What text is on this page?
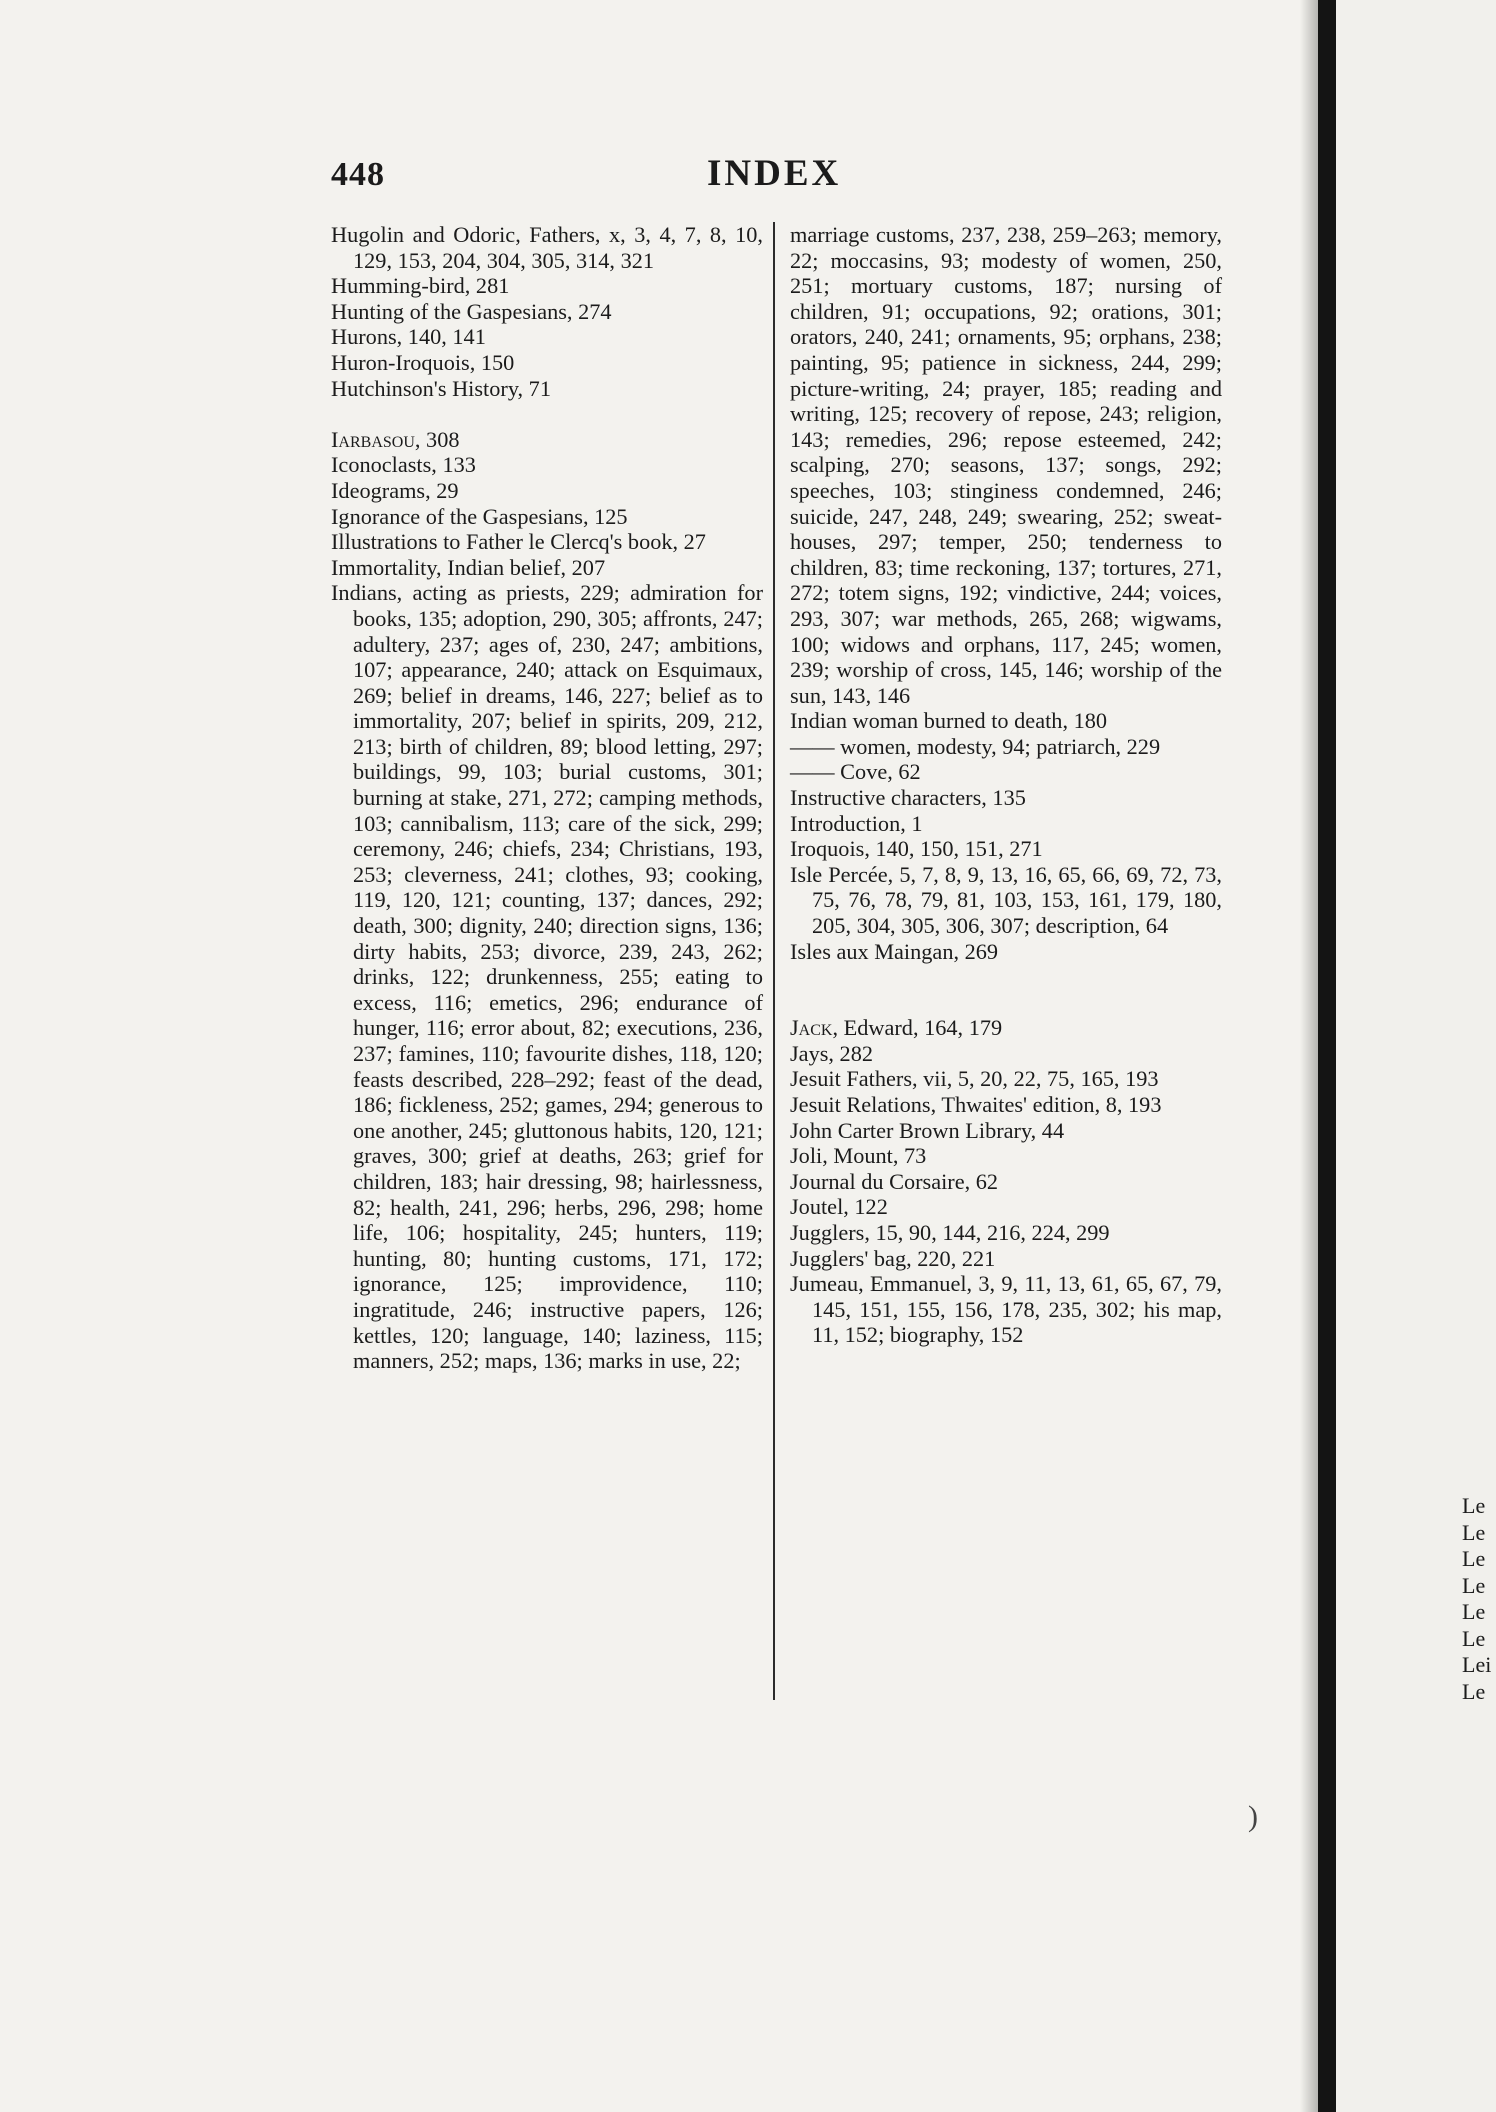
448	INDEX
Hugolin and Odoric, Fathers, x, 3, 4, 7, 8, 10, 129, 153, 204, 304, 305, 314, 321
Humming-bird, 281
Hunting of the Gaspesians, 274
Hurons, 140, 141
Huron-Iroquois, 150
Hutchinson's History, 71
Iarbasou, 308
Iconoclasts, 133
Ideograms, 29
Ignorance of the Gaspesians, 125
Illustrations to Father le Clercq's book, 27
Immortality, Indian belief, 207
Indians, acting as priests, 229; admiration for books, 135; adoption, 290, 305; affronts, 247; adultery, 237; ages of, 230, 247; ambitions, 107; appearance, 240; attack on Esquimaux, 269; belief in dreams, 146, 227; belief as to immortality, 207; belief in spirits, 209, 212, 213; birth of children, 89; blood letting, 297; buildings, 99, 103; burial customs, 301; burning at stake, 271, 272; camping methods, 103; cannibalism, 113; care of the sick, 299; ceremony, 246; chiefs, 234; Christians, 193, 253; cleverness, 241; clothes, 93; cooking, 119, 120, 121; counting, 137; dances, 292; death, 300; dignity, 240; direction signs, 136; dirty habits, 253; divorce, 239, 243, 262; drinks, 122; drunkenness, 255; eating to excess, 116; emetics, 296; endurance of hunger, 116; error about, 82; executions, 236, 237; famines, 110; favourite dishes, 118, 120; feasts described, 228–292; feast of the dead, 186; fickleness, 252; games, 294; generous to one another, 245; gluttonous habits, 120, 121; graves, 300; grief at deaths, 263; grief for children, 183; hair dressing, 98; hairlessness, 82; health, 241, 296; herbs, 296, 298; home life, 106; hospitality, 245; hunters, 119; hunting, 80; hunting customs, 171, 172; ignorance, 125; improvidence, 110; ingratitude, 246; instructive papers, 126; kettles, 120; language, 140; laziness, 115; manners, 252; maps, 136; marks in use, 22;
marriage customs, 237, 238, 259–263; memory, 22; moccasins, 93; modesty of women, 250, 251; mortuary customs, 187; nursing of children, 91; occupations, 92; orations, 301; orators, 240, 241; ornaments, 95; orphans, 238; painting, 95; patience in sickness, 244, 299; picture-writing, 24; prayer, 185; reading and writing, 125; recovery of repose, 243; religion, 143; remedies, 296; repose esteemed, 242; scalping, 270; seasons, 137; songs, 292; speeches, 103; stinginess condemned, 246; suicide, 247, 248, 249; swearing, 252; sweat-houses, 297; temper, 250; tenderness to children, 83; time reckoning, 137; tortures, 271, 272; totem signs, 192; vindictive, 244; voices, 293, 307; war methods, 265, 268; wigwams, 100; widows and orphans, 117, 245; women, 239; worship of cross, 145, 146; worship of the sun, 143, 146
Indian woman burned to death, 180
—— women, modesty, 94; patriarch, 229
—— Cove, 62
Instructive characters, 135
Introduction, 1
Iroquois, 140, 150, 151, 271
Isle Percée, 5, 7, 8, 9, 13, 16, 65, 66, 69, 72, 73, 75, 76, 78, 79, 81, 103, 153, 161, 179, 180, 205, 304, 305, 306, 307; description, 64
Isles aux Maingan, 269
Jack, Edward, 164, 179
Jays, 282
Jesuit Fathers, vii, 5, 20, 22, 75, 165, 193
Jesuit Relations, Thwaites' edition, 8, 193
John Carter Brown Library, 44
Joli, Mount, 73
Journal du Corsaire, 62
Joutel, 122
Jugglers, 15, 90, 144, 216, 224, 299
Jugglers' bag, 220, 221
Jumeau, Emmanuel, 3, 9, 11, 13, 61, 65, 67, 79, 145, 151, 155, 156, 178, 235, 302; his map, 11, 152; biography, 152
)
Le
Le
Le
Le
Le
Le
Lei
Le
